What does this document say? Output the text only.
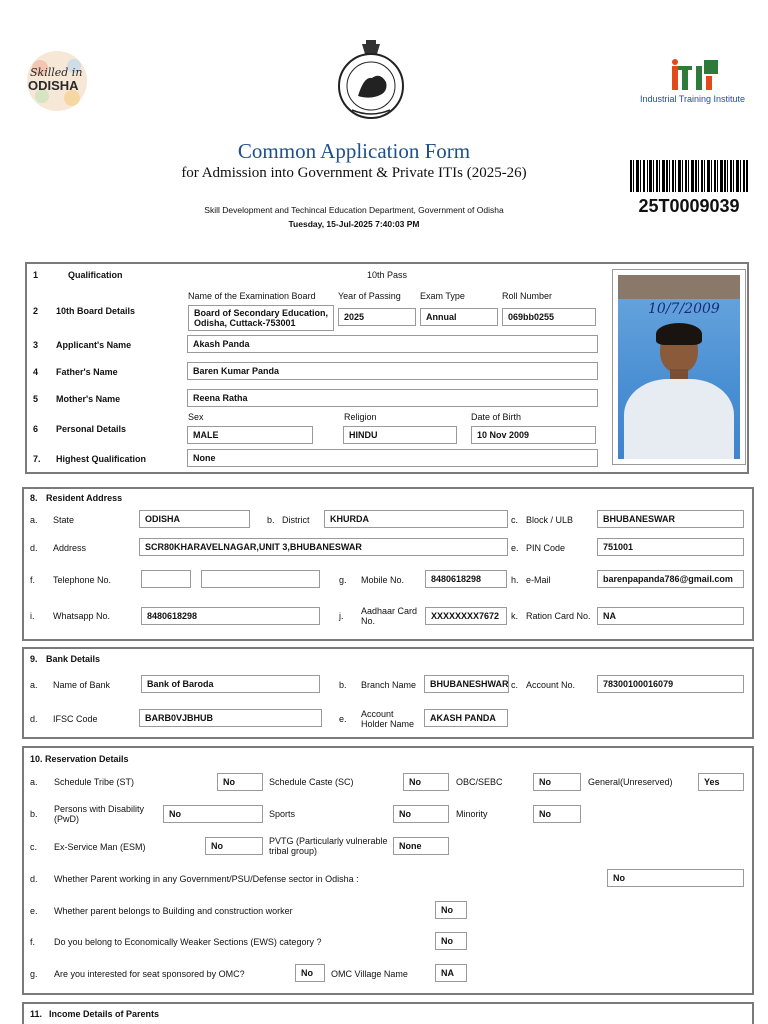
Skilled in
ODISHA
Industrial Training Institute
Common Application Form
for Admission into Government & Private ITIs (2025-26)
Skill Development and Techincal Education Department, Government of Odisha
Tuesday, 15-Jul-2025 7:40:03 PM
25T0009039
1	Qualification	10th Pass
Name of the Examination Board Year of Passing Exam Type	Roll Number
2 10th Board Details	Board of Secondary Education, Odisha, Cuttack-753001
2025	Annual	069bb0255
3 Applicant's Name	Akash Panda
4 Father's Name	Baren Kumar Panda
5 Mother's Name	Reena Ratha
Sex	Religion	Date of Birth
6 Personal Details
MALE	HINDU	10 Nov 2009
7. Highest Qualification	None
10/7/2009
8. Resident Address
a. State	ODISHA	b. District	KHURDA	c. Block / ULB	BHUBANESWAR
d. Address	SCR80KHARAVELNAGAR,UNIT 3,BHUBANESWAR	e. PIN Code	751001
f. Telephone No.	g. Mobile No.	8480618298	h. e-Mail	barenpapanda786@gmail.com
i. Whatsapp No.	8480618298	j. Aadhaar Card No.	XXXXXXXX7672	k. Ration Card No.	NA
9. Bank Details
a. Name of Bank	Bank of Baroda	b. Branch Name	BHUBANESHWAR c. Account No.	78300100016079
d. IFSC Code	BARB0VJBHUB	e. Account Holder Name
AKASH PANDA
10. Reservation Details
a. Schedule Tribe (ST)	No	Schedule Caste (SC)	No	OBC/SEBC	No	General(Unreserved)	Yes
b. Persons with Disability (PwD)	No	Sports	No	Minority	No
c. Ex-Service Man (ESM)	No	PVTG (Particularly vulnerable tribal group)	None
d. Whether Parent working in any Government/PSU/Defense sector in Odisha :	No
e. Whether parent belongs to Building and construction worker	No
f. Do you belong to Economically Weaker Sections (EWS) category ?	No
g. Are you interested for seat sponsored by OMC?	No	OMC Village Name	NA
11. Income Details of Parents
